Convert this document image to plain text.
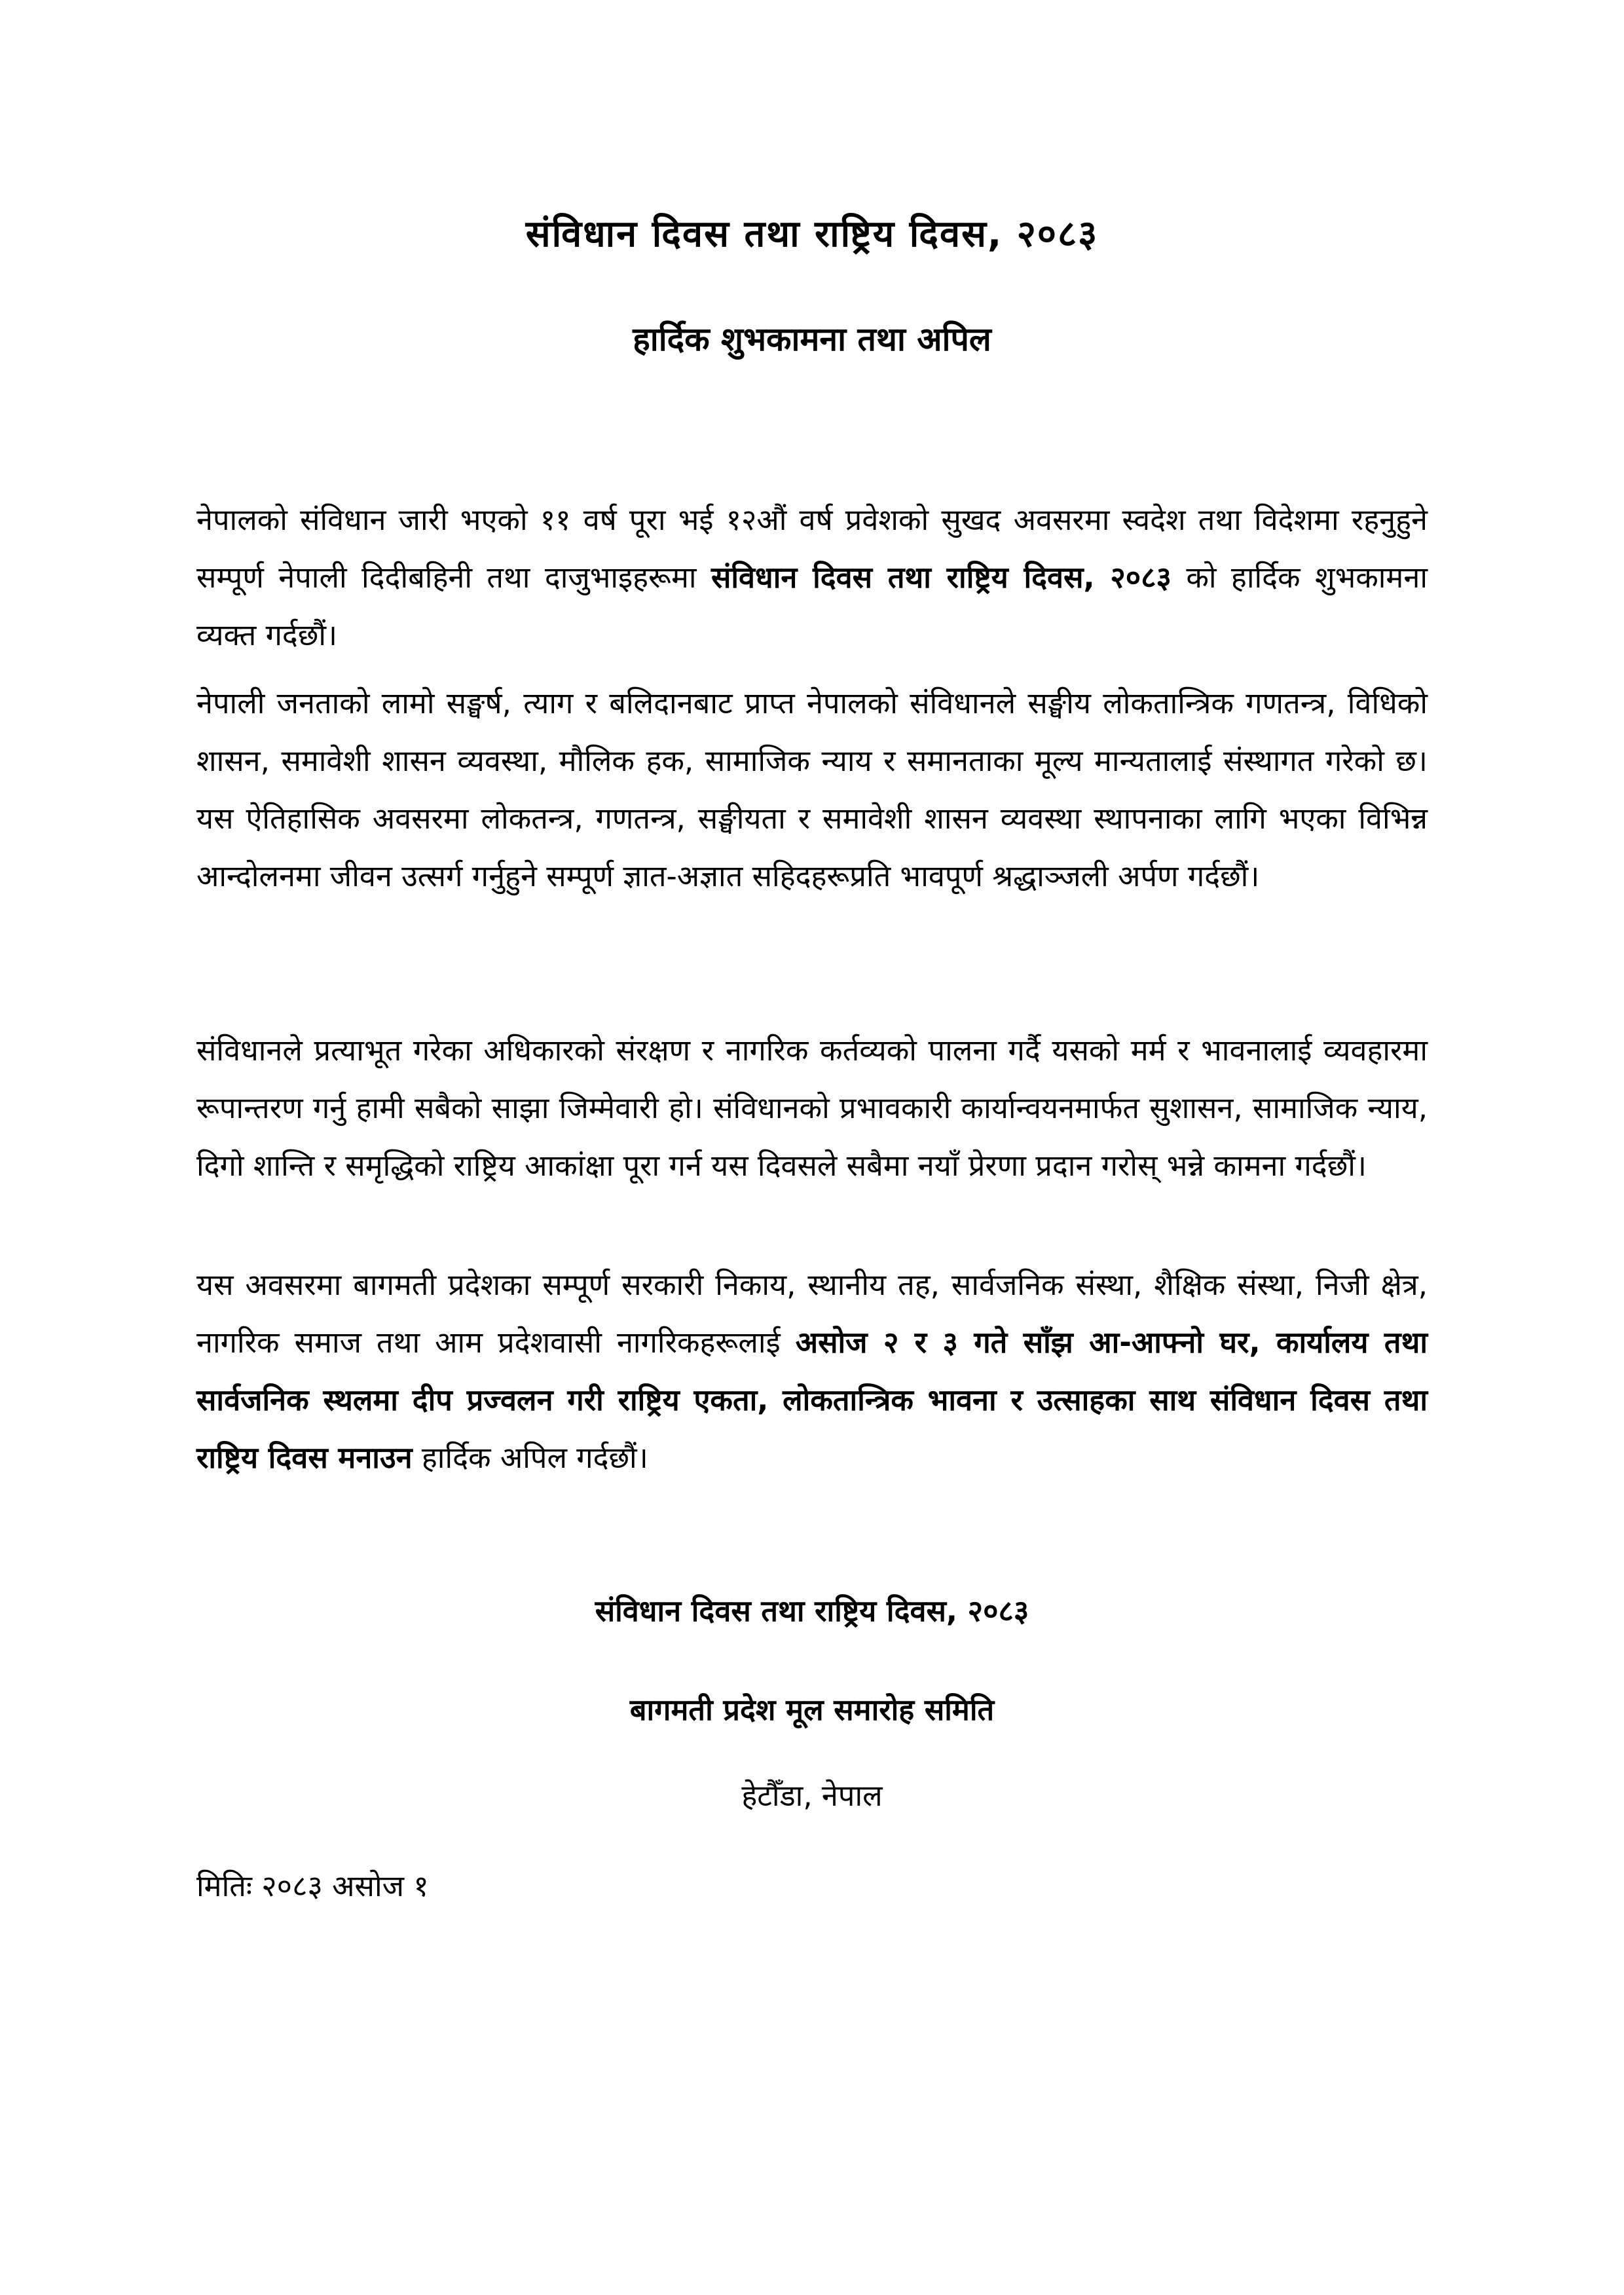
संविधान दिवस तथा राष्ट्रिय दिवस, २०८३
हार्दिक शुभकामना तथा अपिल

नेपालको संविधान जारी भएको ११ वर्ष पूरा भई १२औं वर्ष प्रवेशको सुखद अवसरमा स्वदेश तथा विदेशमा रहनुहुने सम्पूर्ण नेपाली दिदीबहिनी तथा दाजुभाइहरूमा संविधान दिवस तथा राष्ट्रिय दिवस, २०८३ को हार्दिक शुभकामना व्यक्त गर्दछौं।

नेपाली जनताको लामो सङ्घर्ष, त्याग र बलिदानबाट प्राप्त नेपालको संविधानले सङ्घीय लोकतान्त्रिक गणतन्त्र, विधिको शासन, समावेशी शासन व्यवस्था, मौलिक हक, सामाजिक न्याय र समानताका मूल्य मान्यतालाई संस्थागत गरेको छ। यस ऐतिहासिक अवसरमा लोकतन्त्र, गणतन्त्र, सङ्घीयता र समावेशी शासन व्यवस्था स्थापनाका लागि भएका विभिन्न आन्दोलनमा जीवन उत्सर्ग गर्नुहुने सम्पूर्ण ज्ञात-अज्ञात सहिदहरूप्रति भावपूर्ण श्रद्धाञ्जली अर्पण गर्दछौं।

संविधानले प्रत्याभूत गरेका अधिकारको संरक्षण र नागरिक कर्तव्यको पालना गर्दै यसको मर्म र भावनालाई व्यवहारमा रूपान्तरण गर्नु हामी सबैको साझा जिम्मेवारी हो। संविधानको प्रभावकारी कार्यान्वयनमार्फत सुशासन, सामाजिक न्याय, दिगो शान्ति र समृद्धिको राष्ट्रिय आकांक्षा पूरा गर्न यस दिवसले सबैमा नयाँ प्रेरणा प्रदान गरोस् भन्ने कामना गर्दछौं।

यस अवसरमा बागमती प्रदेशका सम्पूर्ण सरकारी निकाय, स्थानीय तह, सार्वजनिक संस्था, शैक्षिक संस्था, निजी क्षेत्र, नागरिक समाज तथा आम प्रदेशवासी नागरिकहरूलाई असोज २ र ३ गते साँझ आ-आफ्नो घर, कार्यालय तथा सार्वजनिक स्थलमा दीप प्रज्वलन गरी राष्ट्रिय एकता, लोकतान्त्रिक भावना र उत्साहका साथ संविधान दिवस तथा राष्ट्रिय दिवस मनाउन हार्दिक अपिल गर्दछौं।

संविधान दिवस तथा राष्ट्रिय दिवस, २०८३
बागमती प्रदेश मूल समारोह समिति
हेटौँडा, नेपाल
मितिः २०८३ असोज १
